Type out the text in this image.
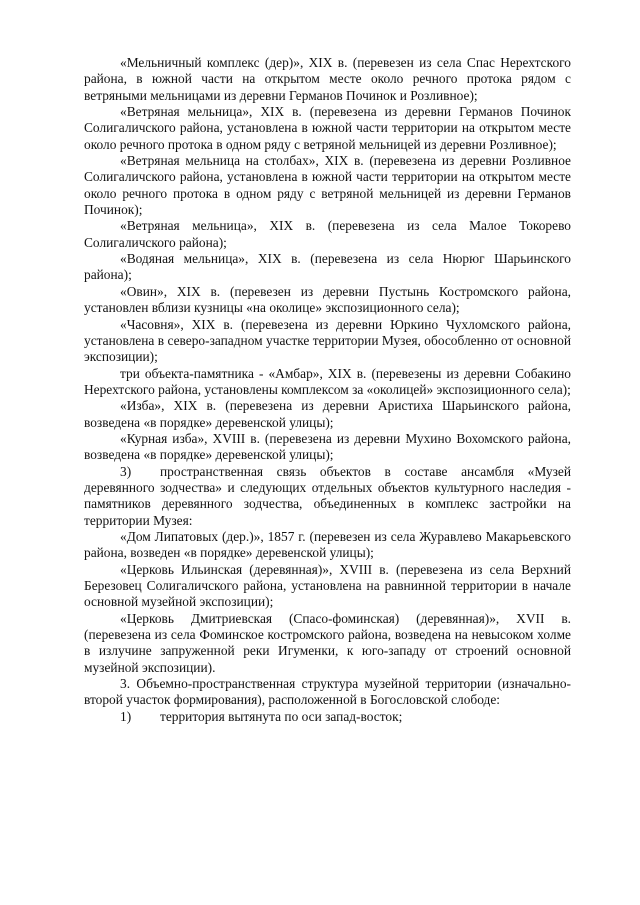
«Мельничный комплекс (дер)», XIX в. (перевезен из села Спас Нерехтского района, в южной части на открытом месте около речного протока рядом с ветряными мельницами из деревни Германов Починок и Розливное);

«Ветряная мельница», XIX в. (перевезена из деревни Германов Починок Солигаличского района, установлена в южной части территории на открытом месте около речного протока в одном ряду с ветряной мельницей из деревни Розливное);

«Ветряная мельница на столбах», XIX в. (перевезена из деревни Розливное Солигаличского района, установлена в южной части территории на открытом месте около речного протока в одном ряду с ветряной мельницей из деревни Германов Починок);

«Ветряная мельница», XIX в. (перевезена из села Малое Токорево Солигаличского района);

«Водяная мельница», XIX в. (перевезена из села Нюрюг Шарьинского района);

«Овин», XIX в. (перевезен из деревни Пустынь Костромского района, установлен вблизи кузницы «на околице» экспозиционного села);

«Часовня», XIX в. (перевезена из деревни Юркино Чухломского района, установлена в северо-западном участке территории Музея, обособленно от основной экспозиции);

три объекта-памятника - «Амбар», XIX в. (перевезены из деревни Собакино Нерехтского района, установлены комплексом за «околицей» экспозиционного села);

«Изба», XIX в. (перевезена из деревни Аристиха Шарьинского района, возведена «в порядке» деревенской улицы);

«Курная изба», XVIII в. (перевезена из деревни Мухино Вохомского района, возведена «в порядке» деревенской улицы);

3) пространственная связь объектов в составе ансамбля «Музей деревянного зодчества» и следующих отдельных объектов культурного наследия - памятников деревянного зодчества, объединенных в комплекс застройки на территории Музея:

«Дом Липатовых (дер.)», 1857 г. (перевезен из села Журавлево Макарьевского района, возведен «в порядке» деревенской улицы);

«Церковь Ильинская (деревянная)», XVIII в. (перевезена из села Верхний Березовец Солигаличского района, установлена на равнинной территории в начале основной музейной экспозиции);

«Церковь Дмитриевская (Спасо-фоминская) (деревянная)», XVII в. (перевезена из села Фоминское костромского района, возведена на невысоком холме в излучине запруженной реки Игуменки, к юго-западу от строений основной музейной экспозиции).

3. Объемно-пространственная структура музейной территории (изначально-второй участок формирования), расположенной в Богословской слободе:

1) территория вытянута по оси запад-восток;
